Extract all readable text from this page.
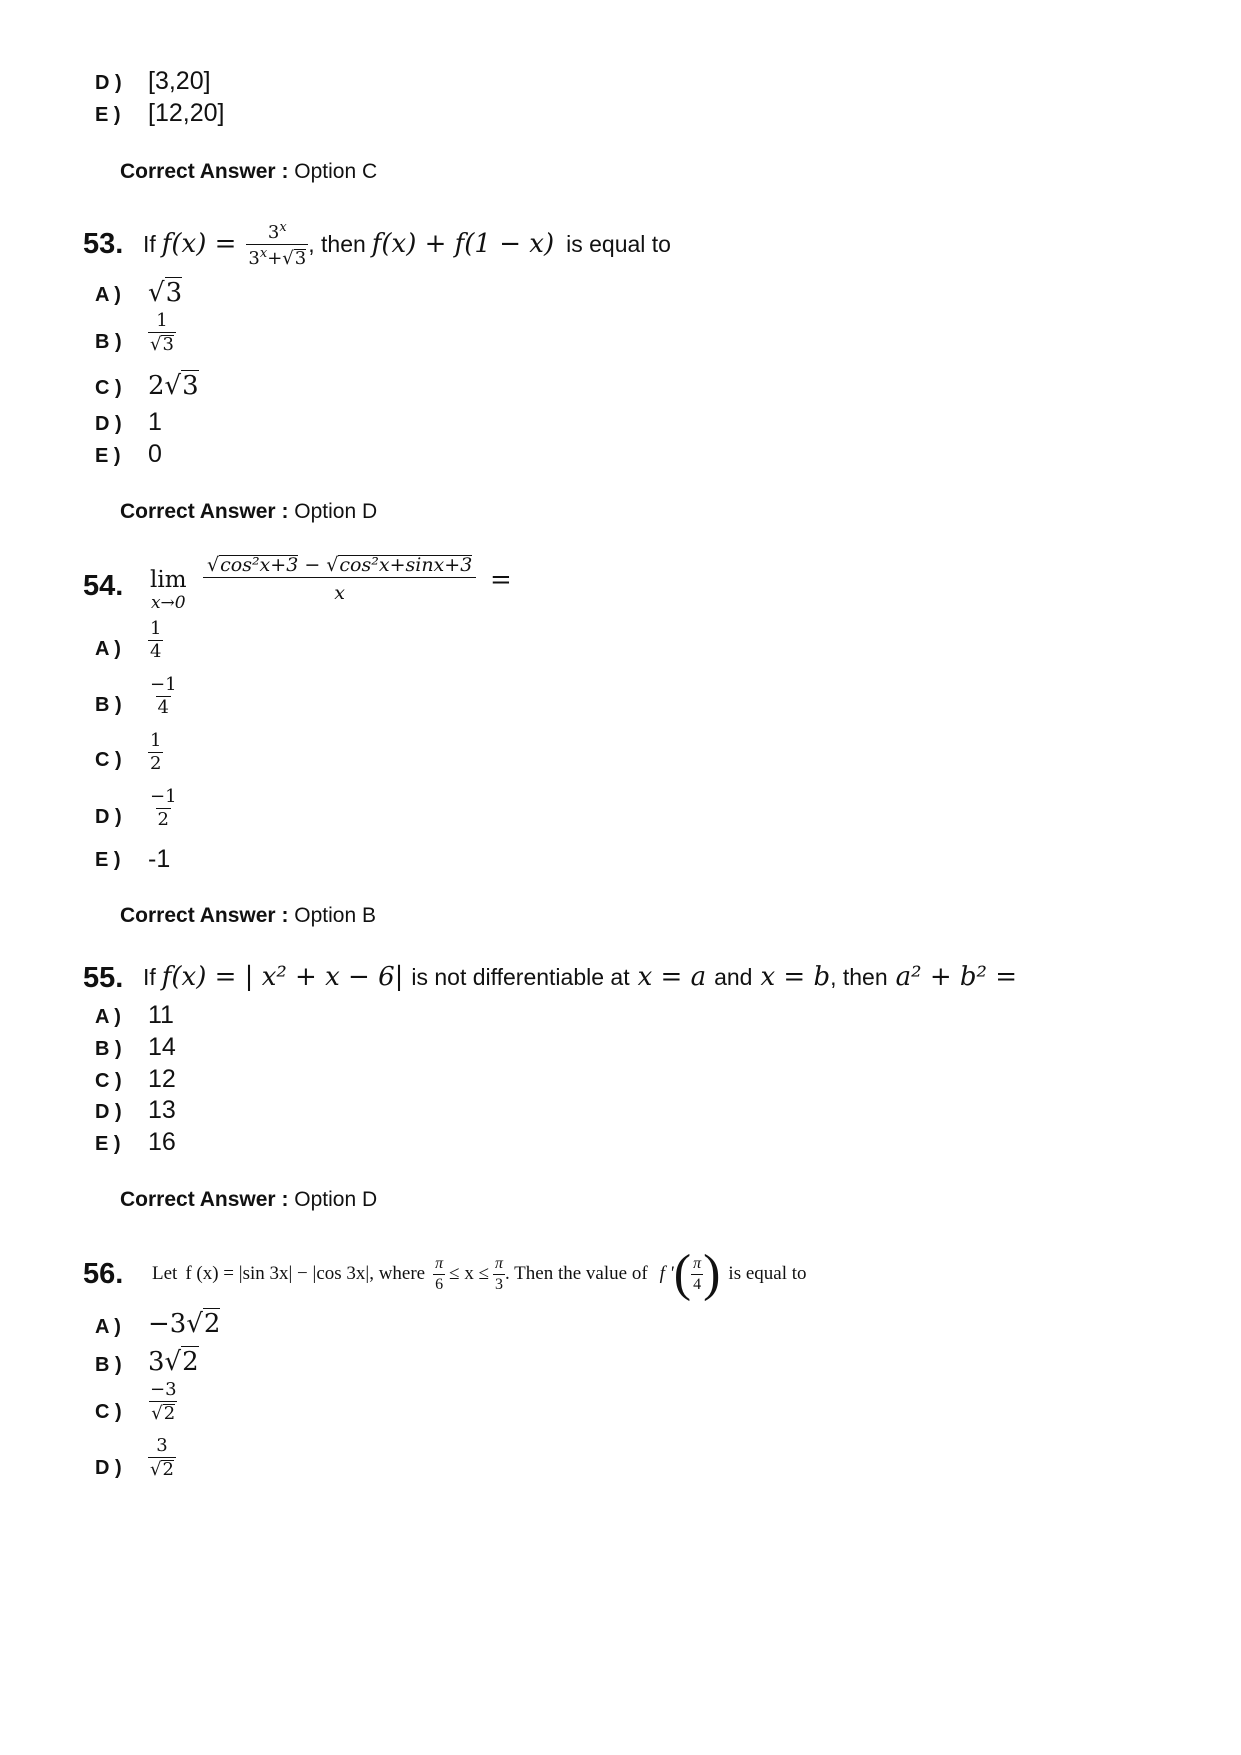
D )	[3,20]
E )	[12,20]
Correct Answer : Option C
53. If $f(x) = \frac{3^x}{3^x+√ 3}$ , then f(x) + f(1 − x) is equal to
A )	√ 3
B )	$\frac{1}{√ 3}$
C )	2√ 3
D )	1
E )	0
Correct Answer : Option D
54. lim
$x\to 0 \frac{\text{√ cos²x+3 − √ cos²x+sinx+3}}{x}$ =
A )	$\frac{1}{4}$
B )	$\frac{-1}{4}$
C )	$\frac{1}{2}$
D )	$\frac{-1}{2}$
E )	-1
Correct Answer : Option B
55. If f(x) = | x² + x − 6| is not differentiable at x = a and x = b , then a² + b² =
A )	11
B )	14
C )	12
D )	13
E )	16
Correct Answer : Option D
56. Let f (x) = |sin 3x| − |cos 3x|, where $\frac{\pi}{6} \le x \le \frac{\pi}{3}$ . Then the value of f ' ( $\frac{\pi}{4}$ ) is equal to
A )	−3√ 2
B )	3√ 2
C )	$\frac{-3}{√ 2}$
D )	$\frac{3}{√ 2}$
